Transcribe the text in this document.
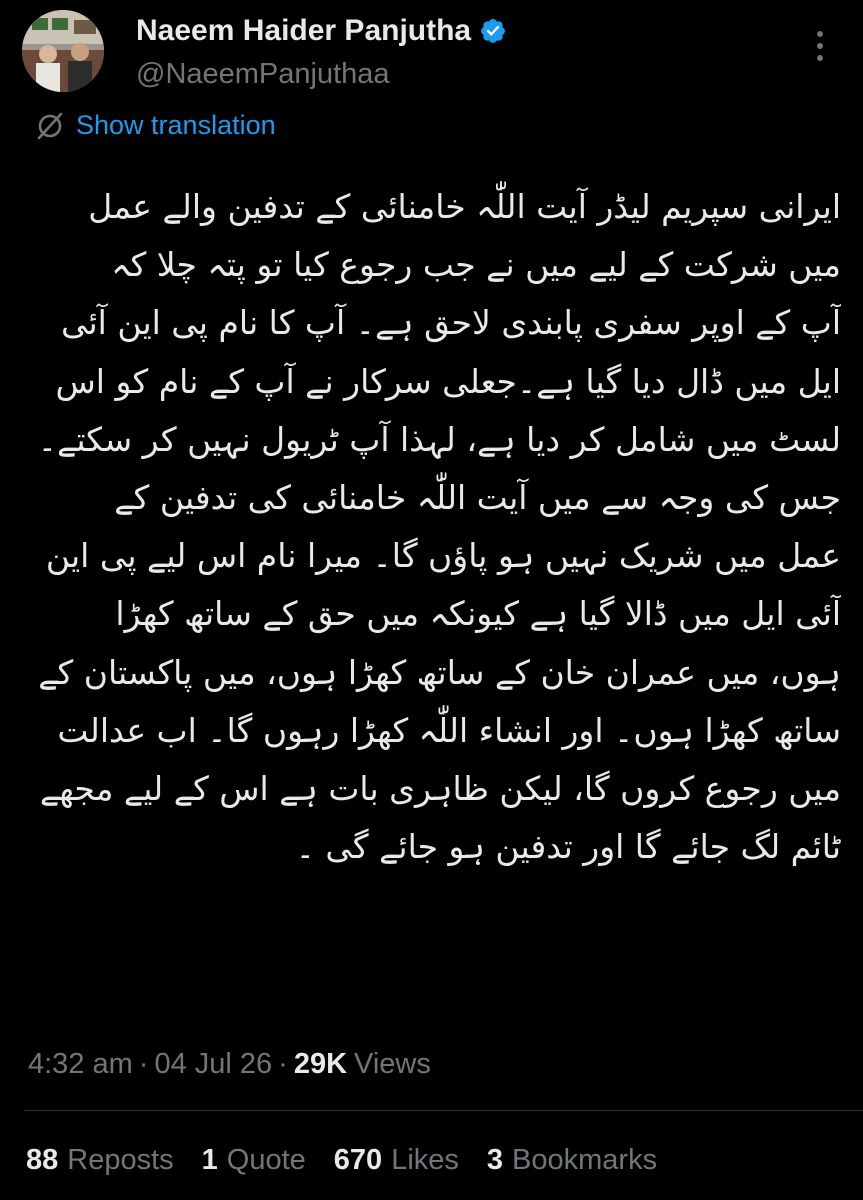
Naeem Haider Panjutha
@NaeemPanjuthaa
Show translation
ایرانی سپریم لیڈر آیت اللّٰہ خامنائی کے تدفین والے عمل
میں شرکت کے لیے میں نے جب رجوع کیا تو پتہ چلا کہ
آپ کے اوپر سفری پابندی لاحق ہے۔ آپ کا نام پی این آئی
ایل میں ڈال دیا گیا ہے۔جعلی سرکار نے آپ کے نام کو اس
لسٹ میں شامل کر دیا ہے، لہذا آپ ٹریول نہیں کر سکتے۔
جس کی وجہ سے میں آیت اللّٰہ خامنائی کی تدفین کے
عمل میں شریک نہیں ہو پاؤں گا۔ میرا نام اس لیے پی این
آئی ایل میں ڈالا گیا ہے کیونکہ میں حق کے ساتھ کھڑا
ہوں، میں عمران خان کے ساتھ کھڑا ہوں، میں پاکستان کے
ساتھ کھڑا ہوں۔ اور انشاء اللّٰہ کھڑا رہوں گا۔ اب عدالت
میں رجوع کروں گا، لیکن ظاہری بات ہے اس کے لیے مجھے
ٹائم لگ جائے گا اور تدفین ہو جائے گی ۔
4:32 am · 04 Jul 26 · 29K Views
88 Reposts 1 Quote 670 Likes 3 Bookmarks
